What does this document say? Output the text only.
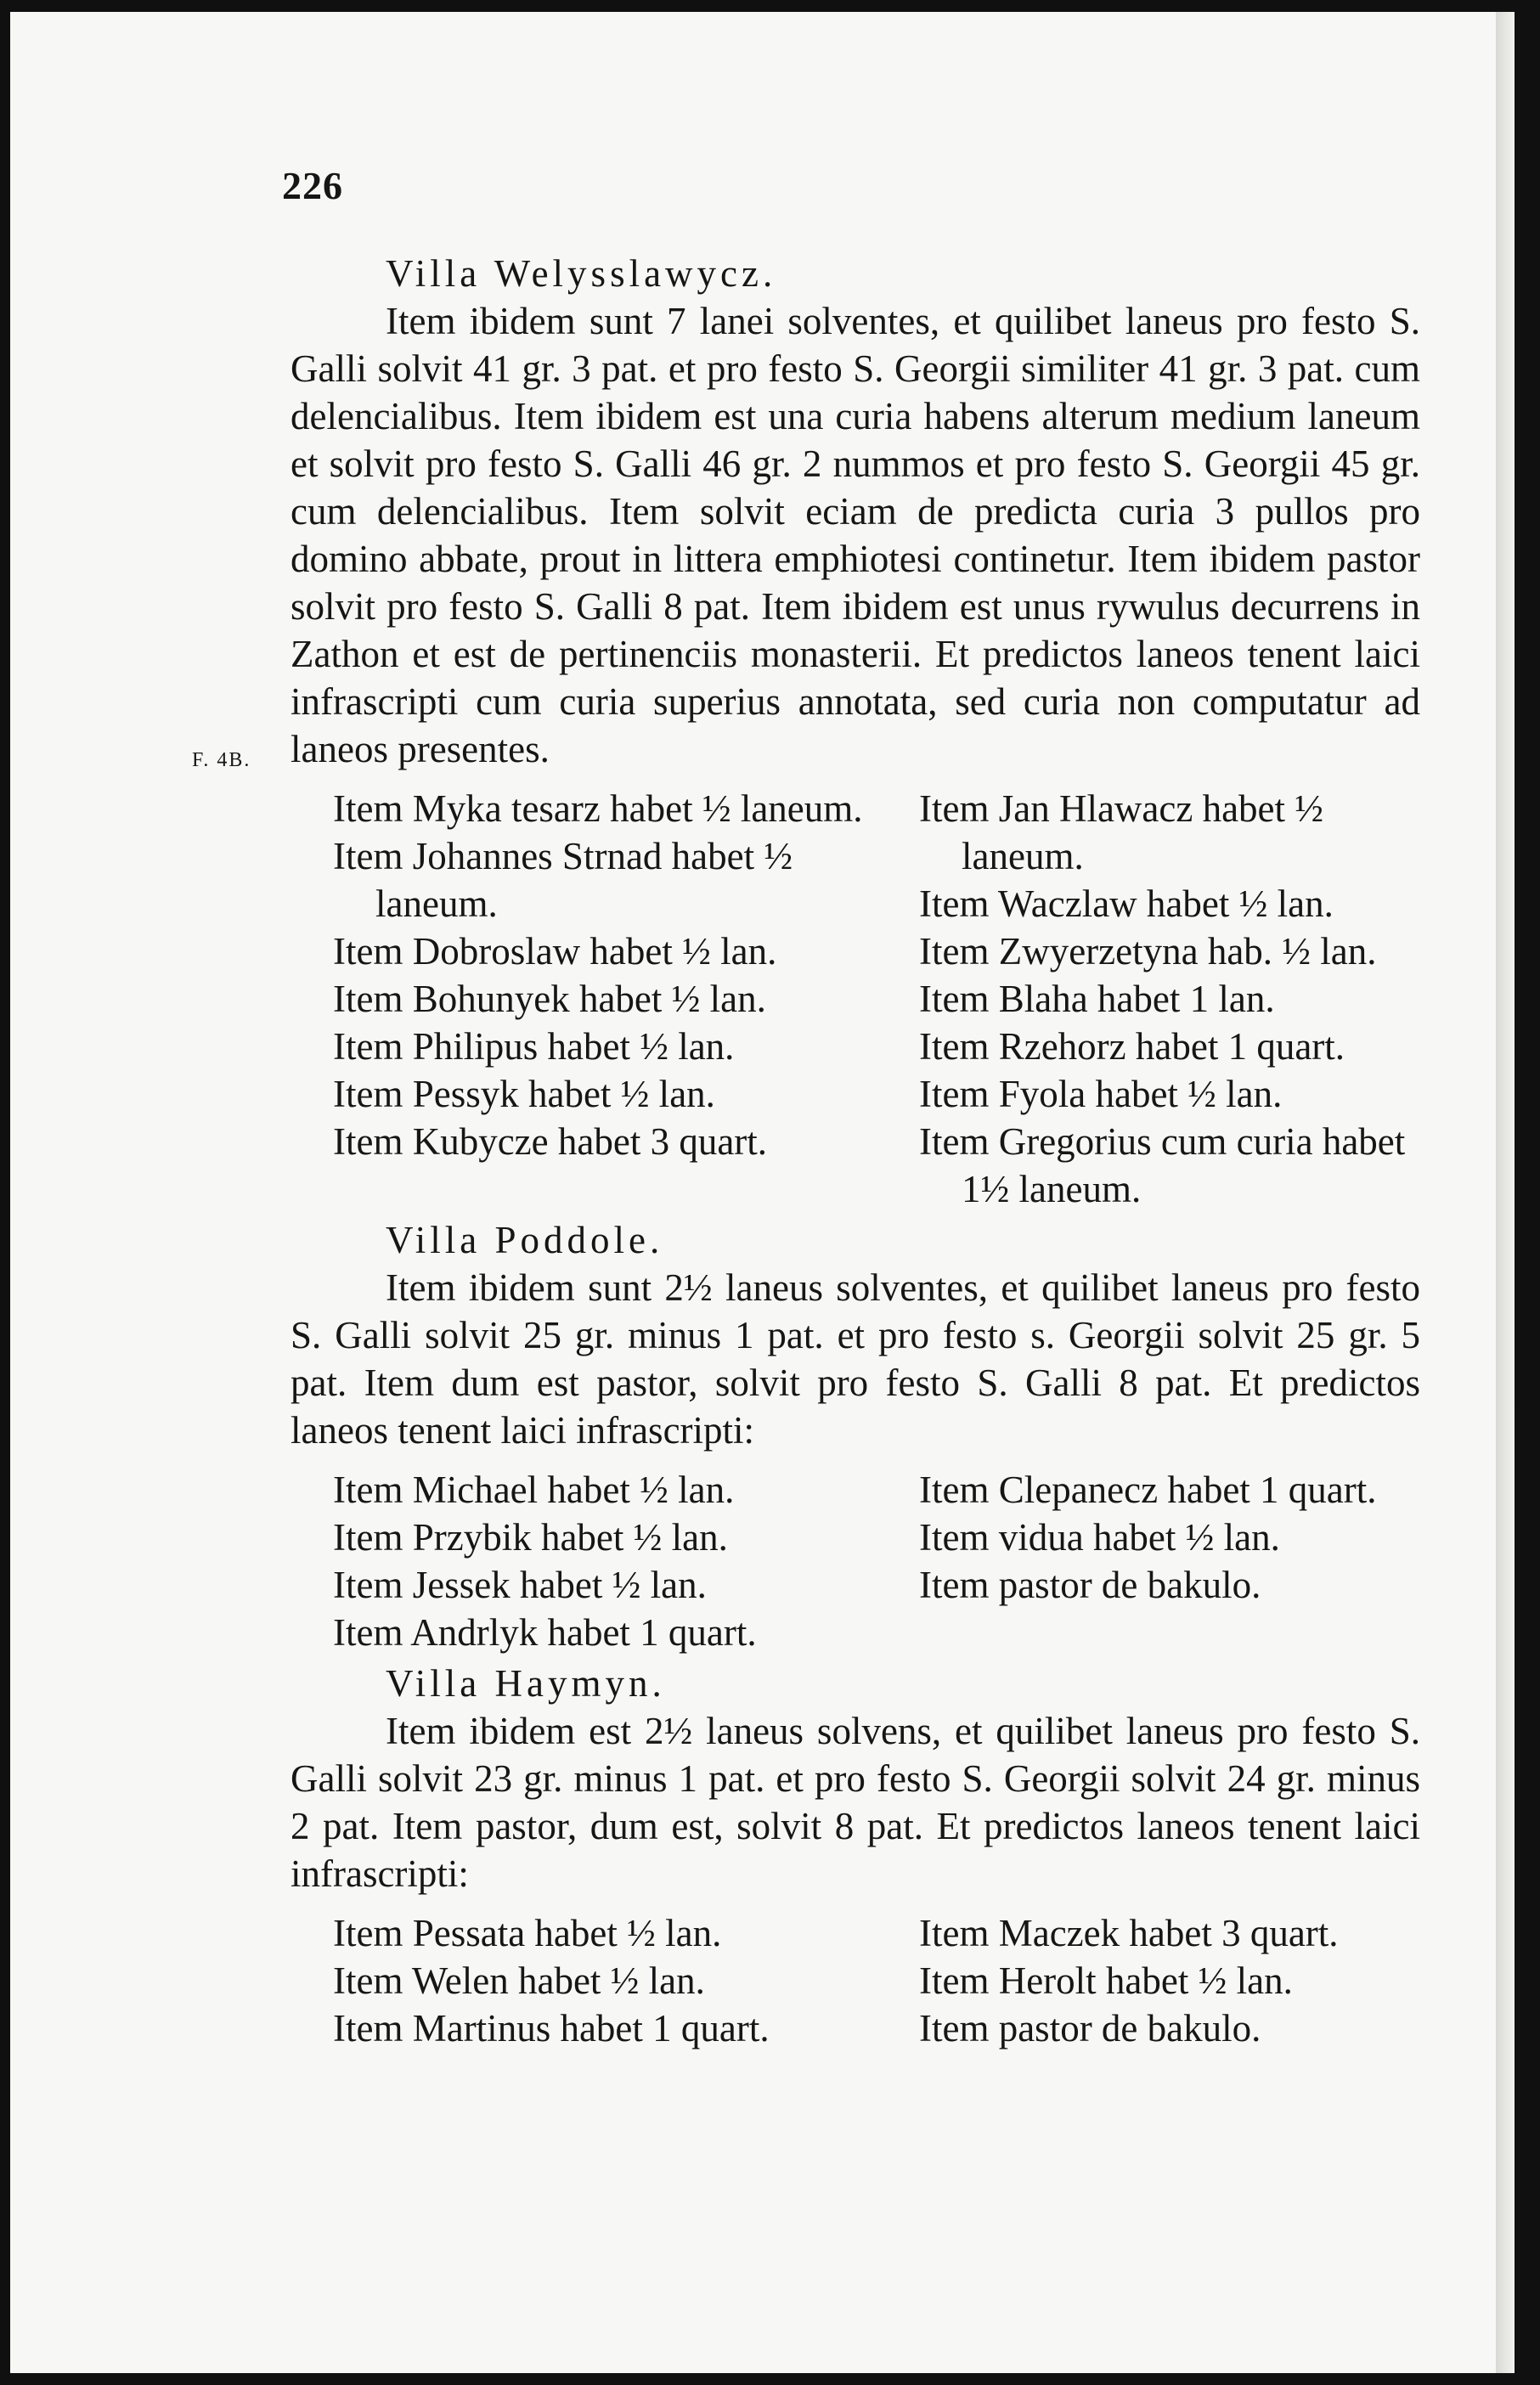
226
F. 4B.
Villa Welysslawycz.

Item ibidem sunt 7 lanei solventes, et quilibet laneus pro festo S. Galli solvit 41 gr. 3 pat. et pro festo S. Georgii similiter 41 gr. 3 pat. cum delencialibus. Item ibidem est una curia habens alterum medium laneum et solvit pro festo S. Galli 46 gr. 2 nummos et pro festo S. Georgii 45 gr. cum delencialibus. Item solvit eciam de predicta curia 3 pullos pro domino abbate, prout in littera emphiotesi continetur. Item ibidem pastor solvit pro festo S. Galli 8 pat. Item ibidem est unus rywulus decurrens in Zathon et est de pertinenciis monasterii. Et predictos laneos tenent laici infrascripti cum curia superius annotata, sed curia non computatur ad laneos presentes.

Item Myka tesarz habet ½ laneum.
Item Johannes Strnad habet ½ laneum.
Item Dobroslaw habet ½ lan.
Item Bohunyek habet ½ lan.
Item Philipus habet ½ lan.
Item Pessyk habet ½ lan.
Item Kubycze habet 3 quart.
Item Jan Hlawacz habet ½ laneum.
Item Waczlaw habet ½ lan.
Item Zwyerzetyna hab. ½ lan.
Item Blaha habet 1 lan.
Item Rzehorz habet 1 quart.
Item Fyola habet ½ lan.
Item Gregorius cum curia habet 1½ laneum.
Villa Poddole.

Item ibidem sunt 2½ laneus solventes, et quilibet laneus pro festo S. Galli solvit 25 gr. minus 1 pat. et pro festo s. Georgii solvit 25 gr. 5 pat. Item dum est pastor, solvit pro festo S. Galli 8 pat. Et predictos laneos tenent laici infrascripti:

Item Michael habet ½ lan.
Item Przybik habet ½ lan.
Item Jessek habet ½ lan.
Item Andrlyk habet 1 quart.
Item Clepanecz habet 1 quart.
Item vidua habet ½ lan.
Item pastor de bakulo.
Villa Haymyn.

Item ibidem est 2½ laneus solvens, et quilibet laneus pro festo S. Galli solvit 23 gr. minus 1 pat. et pro festo S. Georgii solvit 24 gr. minus 2 pat. Item pastor, dum est, solvit 8 pat. Et predictos laneos tenent laici infrascripti:

Item Pessata habet ½ lan.
Item Welen habet ½ lan.
Item Martinus habet 1 quart.
Item Maczek habet 3 quart.
Item Herolt habet ½ lan.
Item pastor de bakulo.
